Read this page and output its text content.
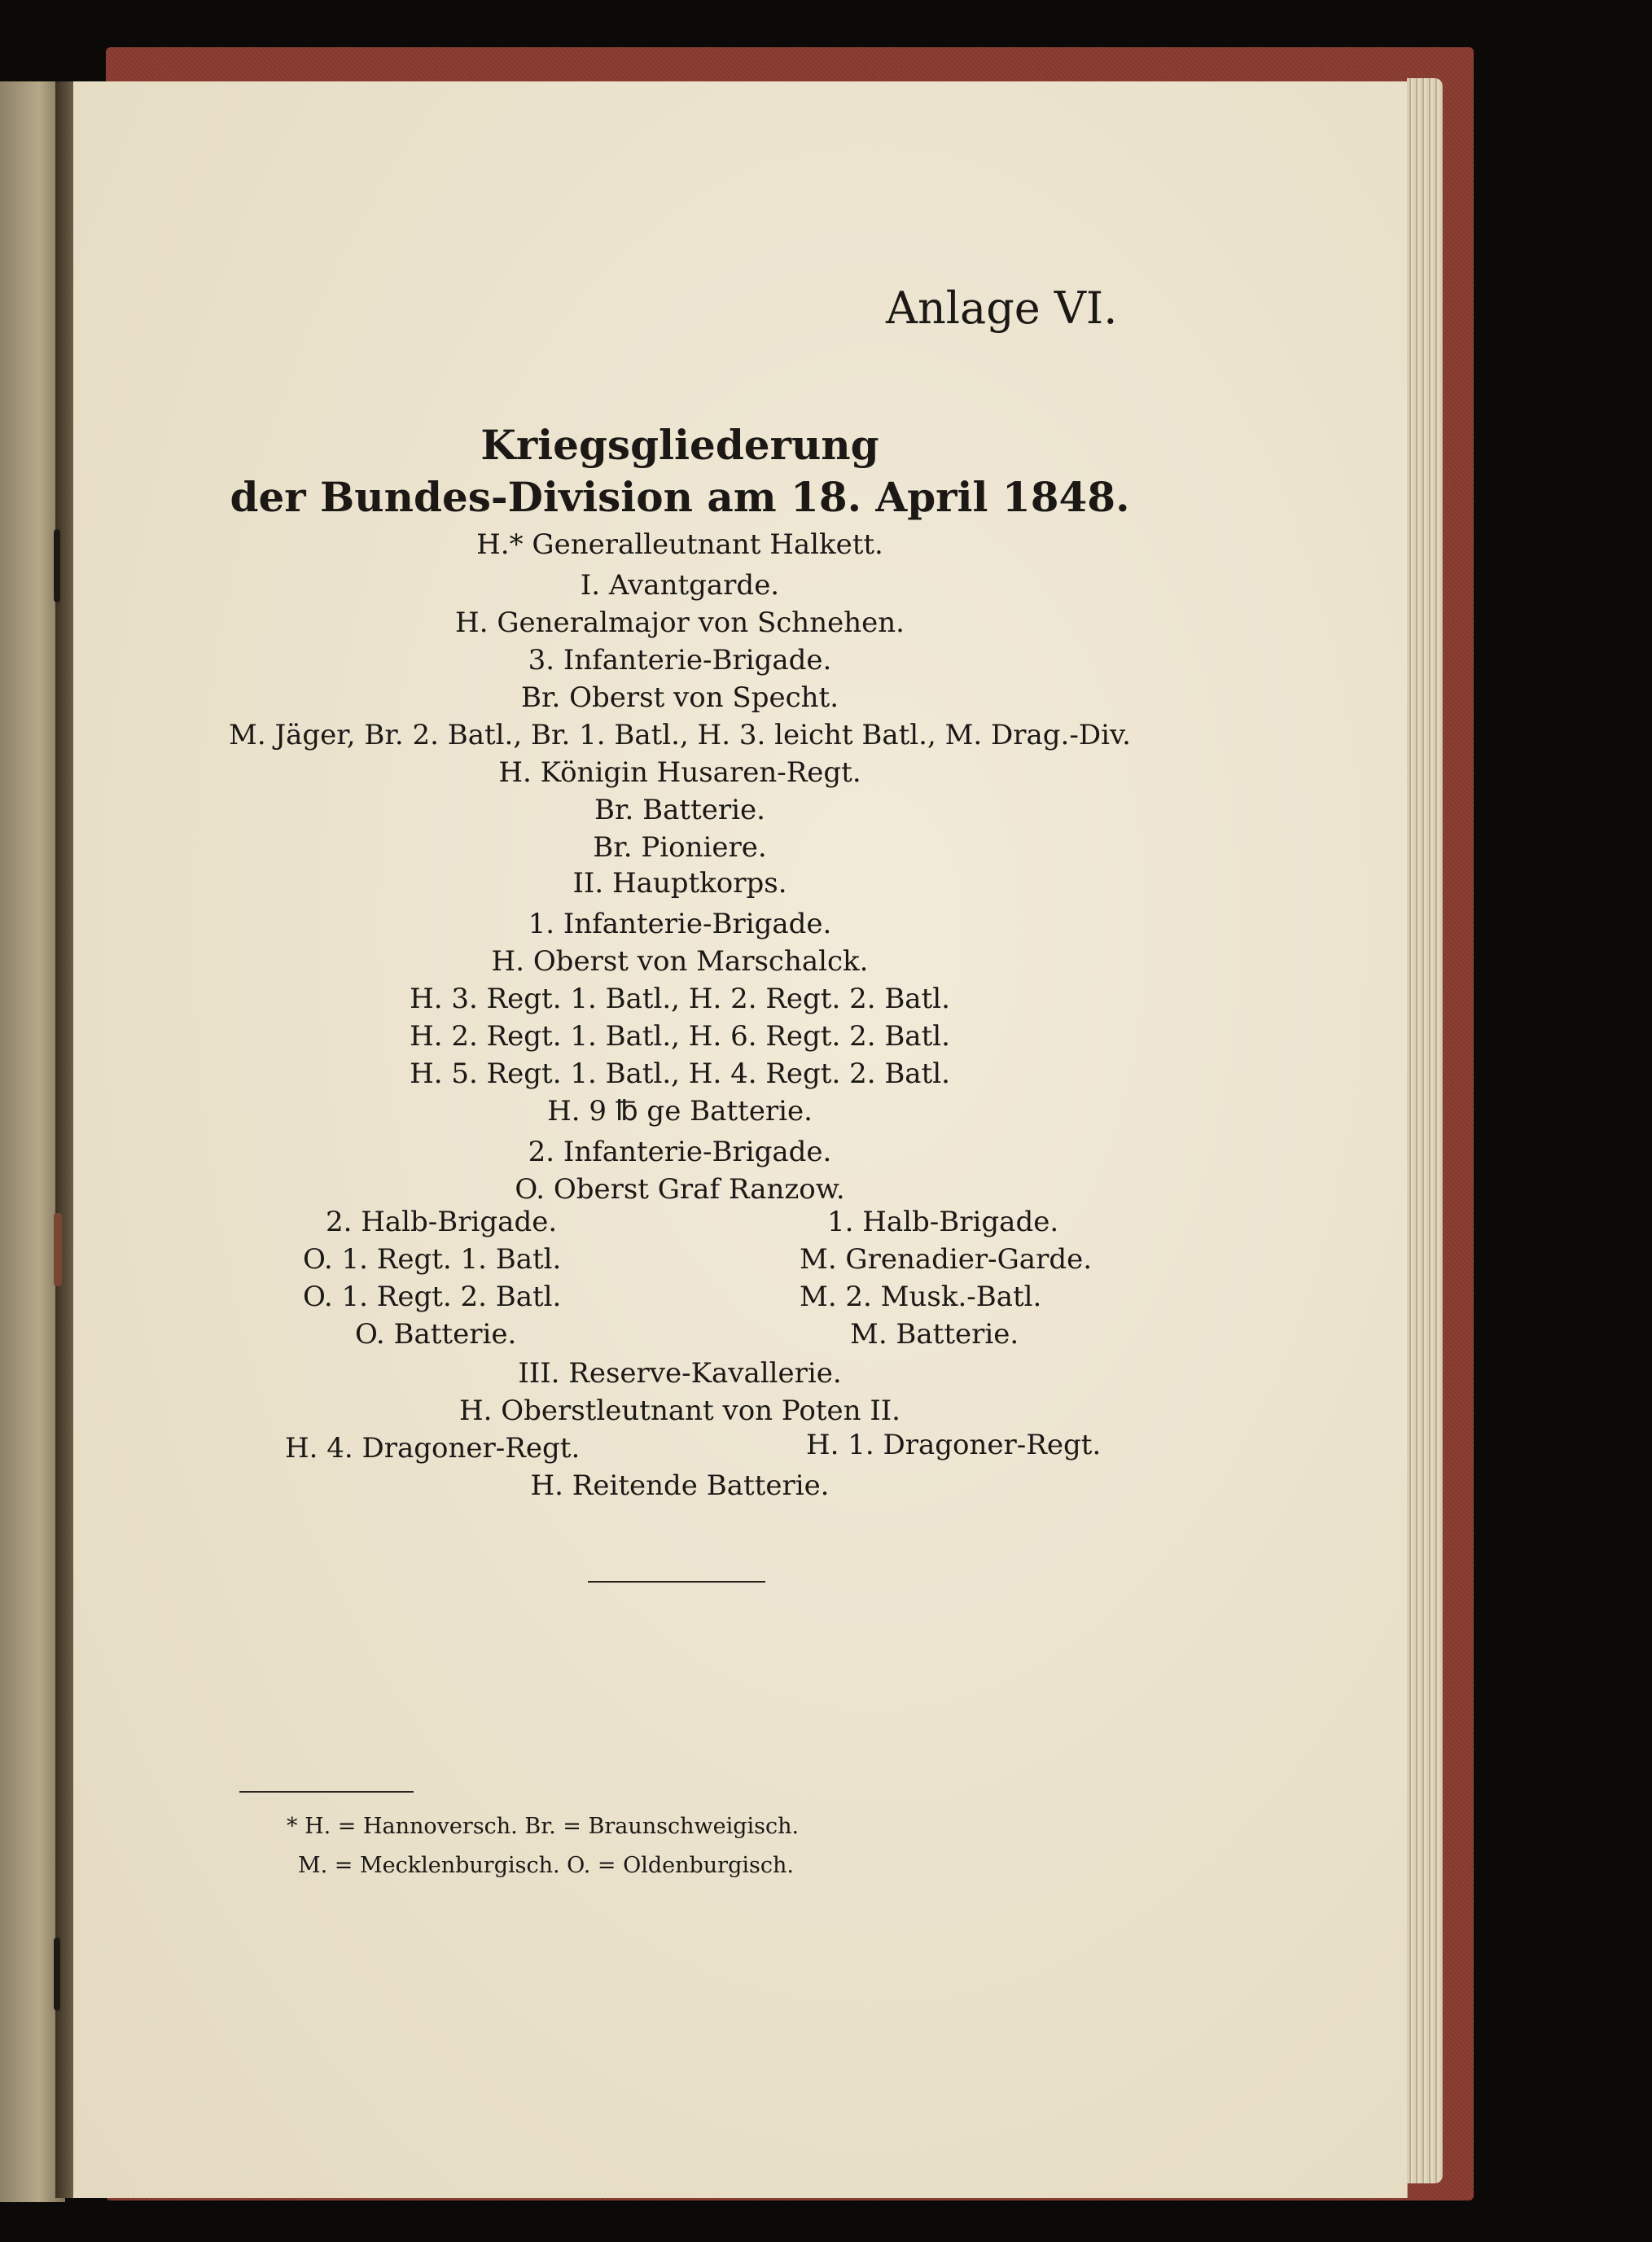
Anlage VI.
Kriegsgliederung
der Bundes-Division am 18. April 1848.
H.* Generalleutnant Halkett.
I. Avantgarde.
H. Generalmajor von Schnehen.
3. Infanterie-Brigade.
Br. Oberst von Specht.
M. Jäger, Br. 2. Batl., Br. 1. Batl., H. 3. leicht Batl., M. Drag.-Div.
H. Königin Husaren-Regt.
Br. Batterie.
Br. Pioniere.
II. Hauptkorps.
1. Infanterie-Brigade.
H. Oberst von Marschalck.
H. 3. Regt. 1. Batl., H. 2. Regt. 2. Batl.
H. 2. Regt. 1. Batl., H. 6. Regt. 2. Batl.
H. 5. Regt. 1. Batl., H. 4. Regt. 2. Batl.
H. 9 ℔ ge Batterie.
2. Infanterie-Brigade.
O. Oberst Graf Ranzow.
2. Halb-Brigade.
O. 1. Regt. 1. Batl.
O. 1. Regt. 2. Batl.
O. Batterie.
1. Halb-Brigade.
M. Grenadier-Garde.
M. 2. Musk.-Batl.
M. Batterie.
III. Reserve-Kavallerie.
H. Oberstleutnant von Poten II.
H. 4. Dragoner-Regt.	H. 1. Dragoner-Regt.
H. Reitende Batterie.
* H. = Hannoversch. Br. = Braunschweigisch.
M. = Mecklenburgisch. O. = Oldenburgisch.
